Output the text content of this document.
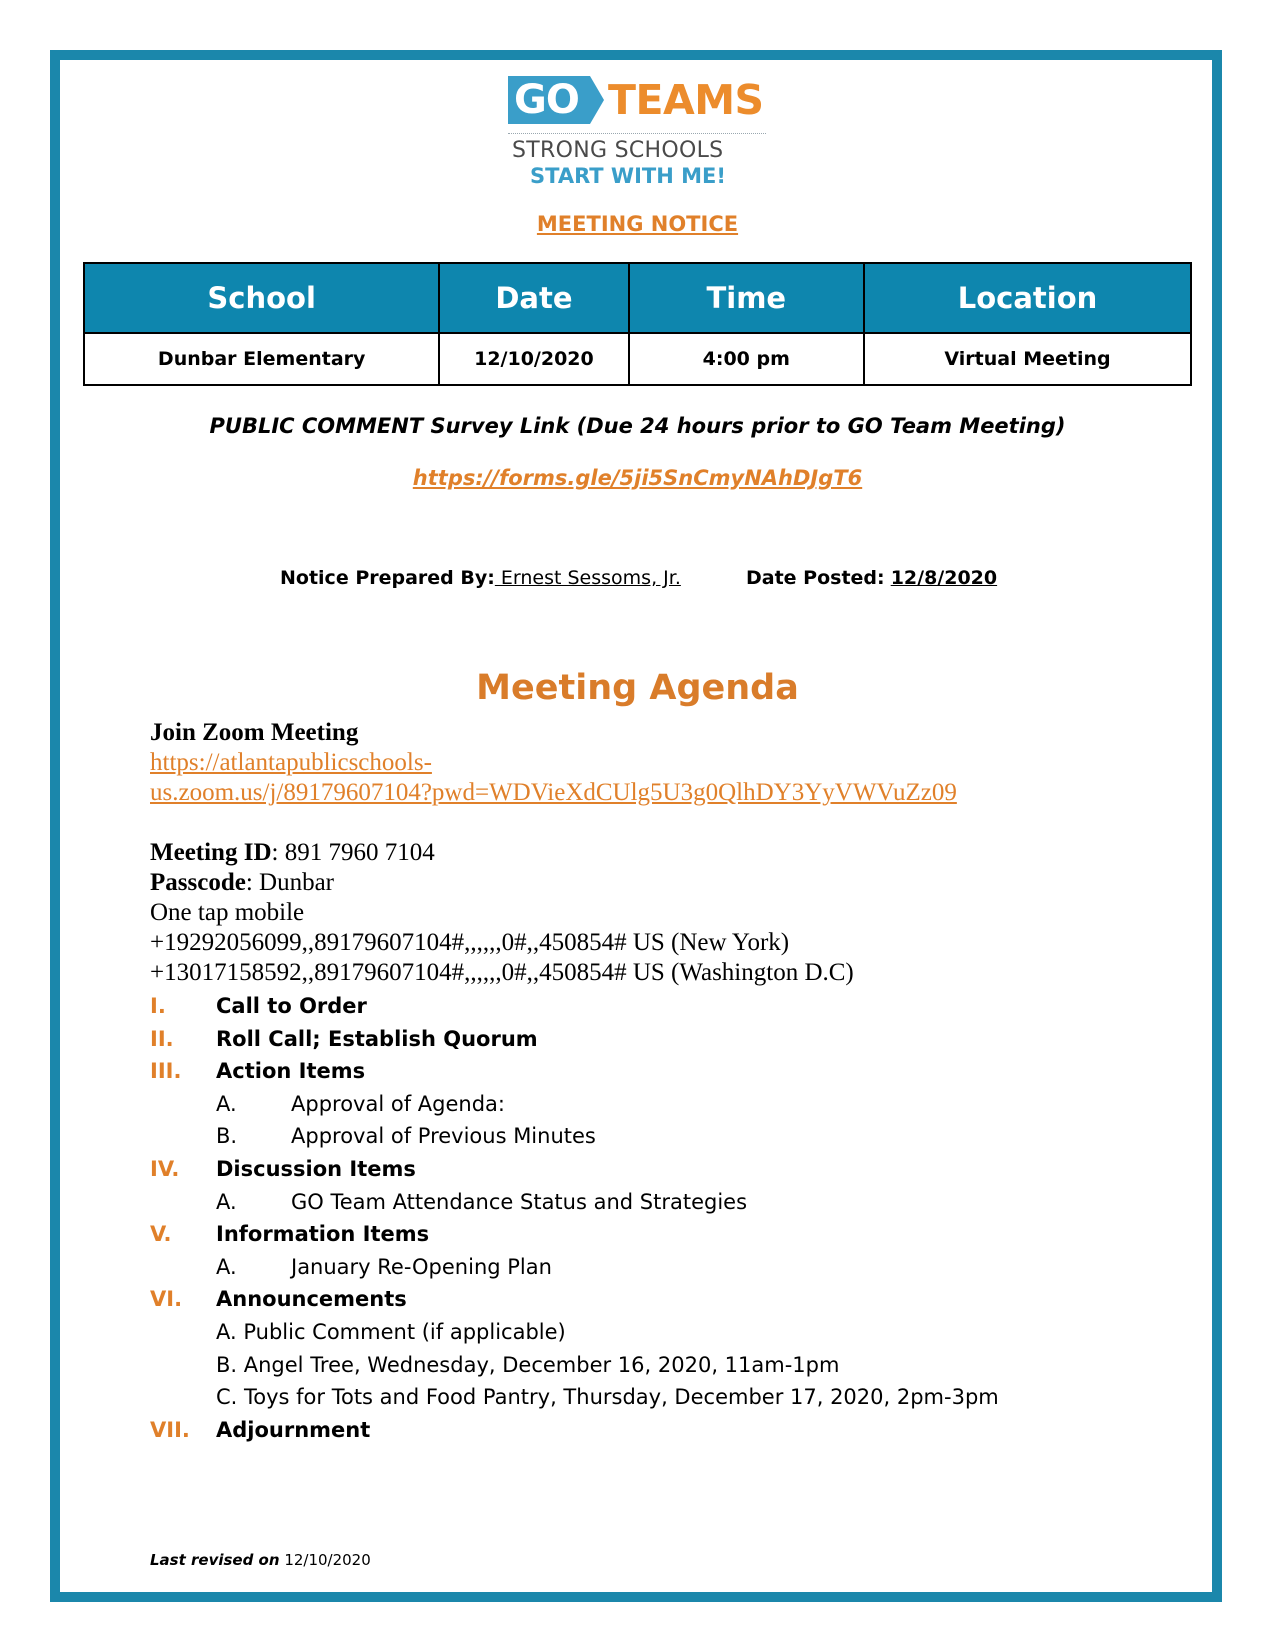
GO TEAMS
STRONG SCHOOLS
START WITH ME!
MEETING NOTICE
School	Date	Time	Location
Dunbar Elementary	12/10/2020	4:00 pm	Virtual Meeting
PUBLIC COMMENT Survey Link (Due 24 hours prior to GO Team Meeting)
https://forms.gle/5ji5SnCmyNAhDJgT6
Notice Prepared By: Ernest Sessoms, Jr.	Date Posted: 12/8/2020
Meeting Agenda
Join Zoom Meeting
https://atlantapublicschools-
us.zoom.us/j/89179607104?pwd=WDVieXdCUlg5U3g0QlhDY3YyVWVuZz09
Meeting ID: 891 7960 7104
Passcode: Dunbar
One tap mobile
+19292056099,,89179607104#,,,,,,0#,,450854# US (New York)
+13017158592,,89179607104#,,,,,,0#,,450854# US (Washington D.C)
I. Call to Order
II. Roll Call; Establish Quorum
III. Action Items
A.	Approval of Agenda:
B.	Approval of Previous Minutes
IV. Discussion Items
A.	GO Team Attendance Status and Strategies
V. Information Items
A.	January Re-Opening Plan
VI. Announcements
A. Public Comment (if applicable)
B. Angel Tree, Wednesday, December 16, 2020, 11am-1pm
C. Toys for Tots and Food Pantry, Thursday, December 17, 2020, 2pm-3pm
VII. Adjournment
Last revised on 12/10/2020
